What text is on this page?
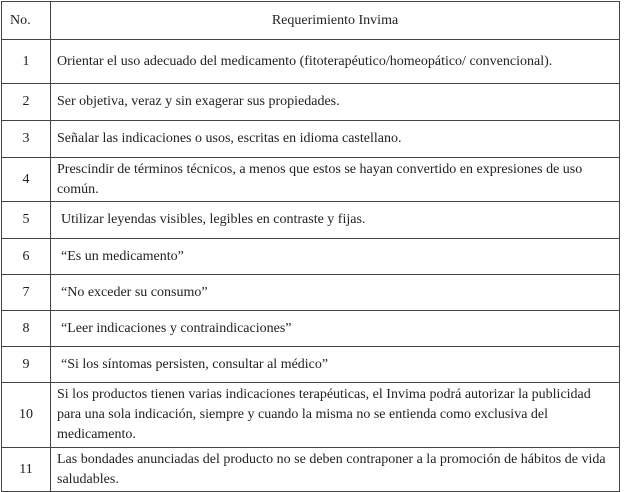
No.	Requerimiento Invima
1	Orientar el uso adecuado del medicamento (fitoterapéutico/homeopático/ convencional).
2	Ser objetiva, veraz y sin exagerar sus propiedades.
3	Señalar las indicaciones o usos, escritas en idioma castellano.
4	Prescindir de términos técnicos, a menos que estos se hayan convertido en expresiones de uso común.
5	Utilizar leyendas visibles, legibles en contraste y fijas.
6	“Es un medicamento”
7	“No exceder su consumo”
8	“Leer indicaciones y contraindicaciones”
9	“Si los síntomas persisten, consultar al médico”
10	Si los productos tienen varias indicaciones terapéuticas, el Invima podrá autorizar la publicidad para una sola indicación, siempre y cuando la misma no se entienda como exclusiva del medicamento.
11	Las bondades anunciadas del producto no se deben contraponer a la promoción de hábitos de vida saludables.
